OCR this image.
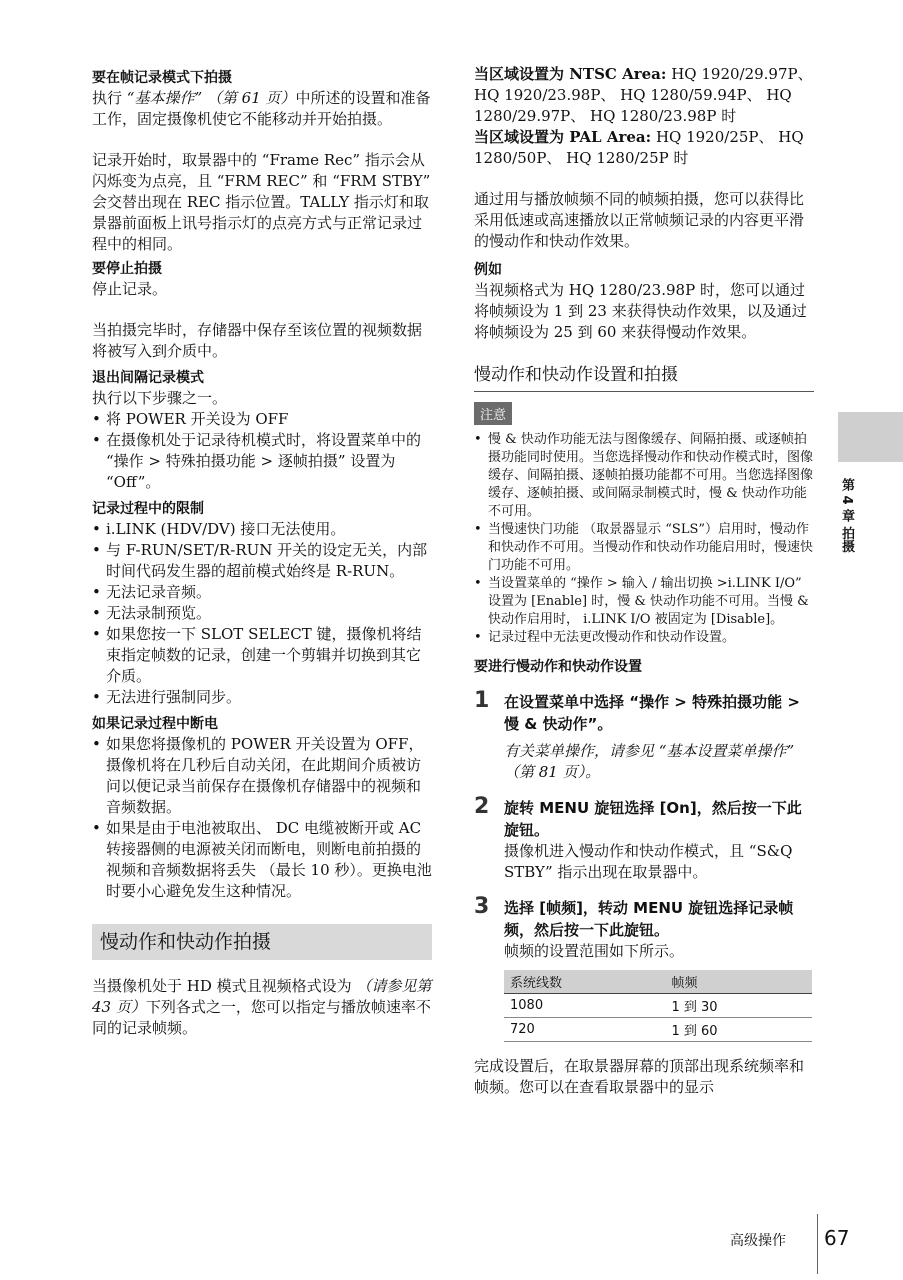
要在帧记录模式下拍摄

执行 “基本操作” （第 61 页）中所述的设置和准备工作，固定摄像机使它不能移动并开始拍摄。

记录开始时，取景器中的 “Frame Rec” 指示会从闪烁变为点亮，且 “FRM REC” 和 “FRM STBY” 会交替出现在 REC 指示位置。TALLY 指示灯和取景器前面板上讯号指示灯的点亮方式与正常记录过程中的相同。

要停止拍摄

停止记录。

当拍摄完毕时，存储器中保存至该位置的视频数据将被写入到介质中。

退出间隔记录模式

执行以下步骤之一。

• 将 POWER 开关设为 OFF
• 在摄像机处于记录待机模式时，将设置菜单中的 “操作 > 特殊拍摄功能 > 逐帧拍摄” 设置为 “Off”。

记录过程中的限制

• i.LINK (HDV/DV) 接口无法使用。
• 与 F-RUN/SET/R-RUN 开关的设定无关，内部时间代码发生器的超前模式始终是 R-RUN。
• 无法记录音频。
• 无法录制预览。
• 如果您按一下 SLOT SELECT 键，摄像机将结束指定帧数的记录，创建一个剪辑并切换到其它介质。
• 无法进行强制同步。

如果记录过程中断电

• 如果您将摄像机的 POWER 开关设置为 OFF，摄像机将在几秒后自动关闭，在此期间介质被访问以便记录当前保存在摄像机存储器中的视频和音频数据。
• 如果是由于电池被取出、 DC 电缆被断开或 AC 转接器侧的电源被关闭而断电，则断电前拍摄的视频和音频数据将丢失 （最长 10 秒）。更换电池时要小心避免发生这种情况。
慢动作和快动作拍摄

当摄像机处于 HD 模式且视频格式设为 （请参见第 43 页）下列各式之一，您可以指定与播放帧速率不同的记录帧频。

当区域设置为 NTSC Area: HQ 1920/29.97P、 HQ 1920/23.98P、 HQ 1280/59.94P、 HQ 1280/29.97P、 HQ 1280/23.98P 时

当区域设置为 PAL Area: HQ 1920/25P、 HQ 1280/50P、 HQ 1280/25P 时

通过用与播放帧频不同的帧频拍摄，您可以获得比采用低速或高速播放以正常帧频记录的内容更平滑的慢动作和快动作效果。

例如

当视频格式为 HQ 1280/23.98P 时，您可以通过将帧频设为 1 到 23 来获得快动作效果，以及通过将帧频设为 25 到 60 来获得慢动作效果。

慢动作和快动作设置和拍摄
注意
• 慢 & 快动作功能无法与图像缓存、间隔拍摄、或逐帧拍摄功能同时使用。当您选择慢动作和快动作模式时，图像缓存、间隔拍摄、逐帧拍摄功能都不可用。当您选择图像缓存、逐帧拍摄、或间隔录制模式时，慢 & 快动作功能不可用。
• 当慢速快门功能 （取景器显示 “SLS”）启用时，慢动作和快动作不可用。当慢动作和快动作功能启用时，慢速快门功能不可用。
• 当设置菜单的 “操作 > 输入 / 输出切换 >i.LINK I/O” 设置为 [Enable] 时，慢 & 快动作功能不可用。当慢 & 快动作启用时， i.LINK I/O 被固定为 [Disable]。
• 记录过程中无法更改慢动作和快动作设置。

要进行慢动作和快动作设置

1 在设置菜单中选择 “操作 > 特殊拍摄功能 > 慢 & 快动作”。
有关菜单操作，请参见 “基本设置菜单操作” （第 81 页）。
2 旋转 MENU 旋钮选择 [On]，然后按一下此旋钮。
摄像机进入慢动作和快动作模式，且 “S&Q STBY” 指示出现在取景器中。
3 选择 [帧频]，转动 MENU 旋钮选择记录帧频，然后按一下此旋钮。
帧频的设置范围如下所示。
系统线数	帧频
1080	1 到 30
720	1 到 60

完成设置后，在取景器屏幕的顶部出现系统频率和帧频。您可以在查看取景器中的显示

第 4 章 拍摄
高级操作 67
